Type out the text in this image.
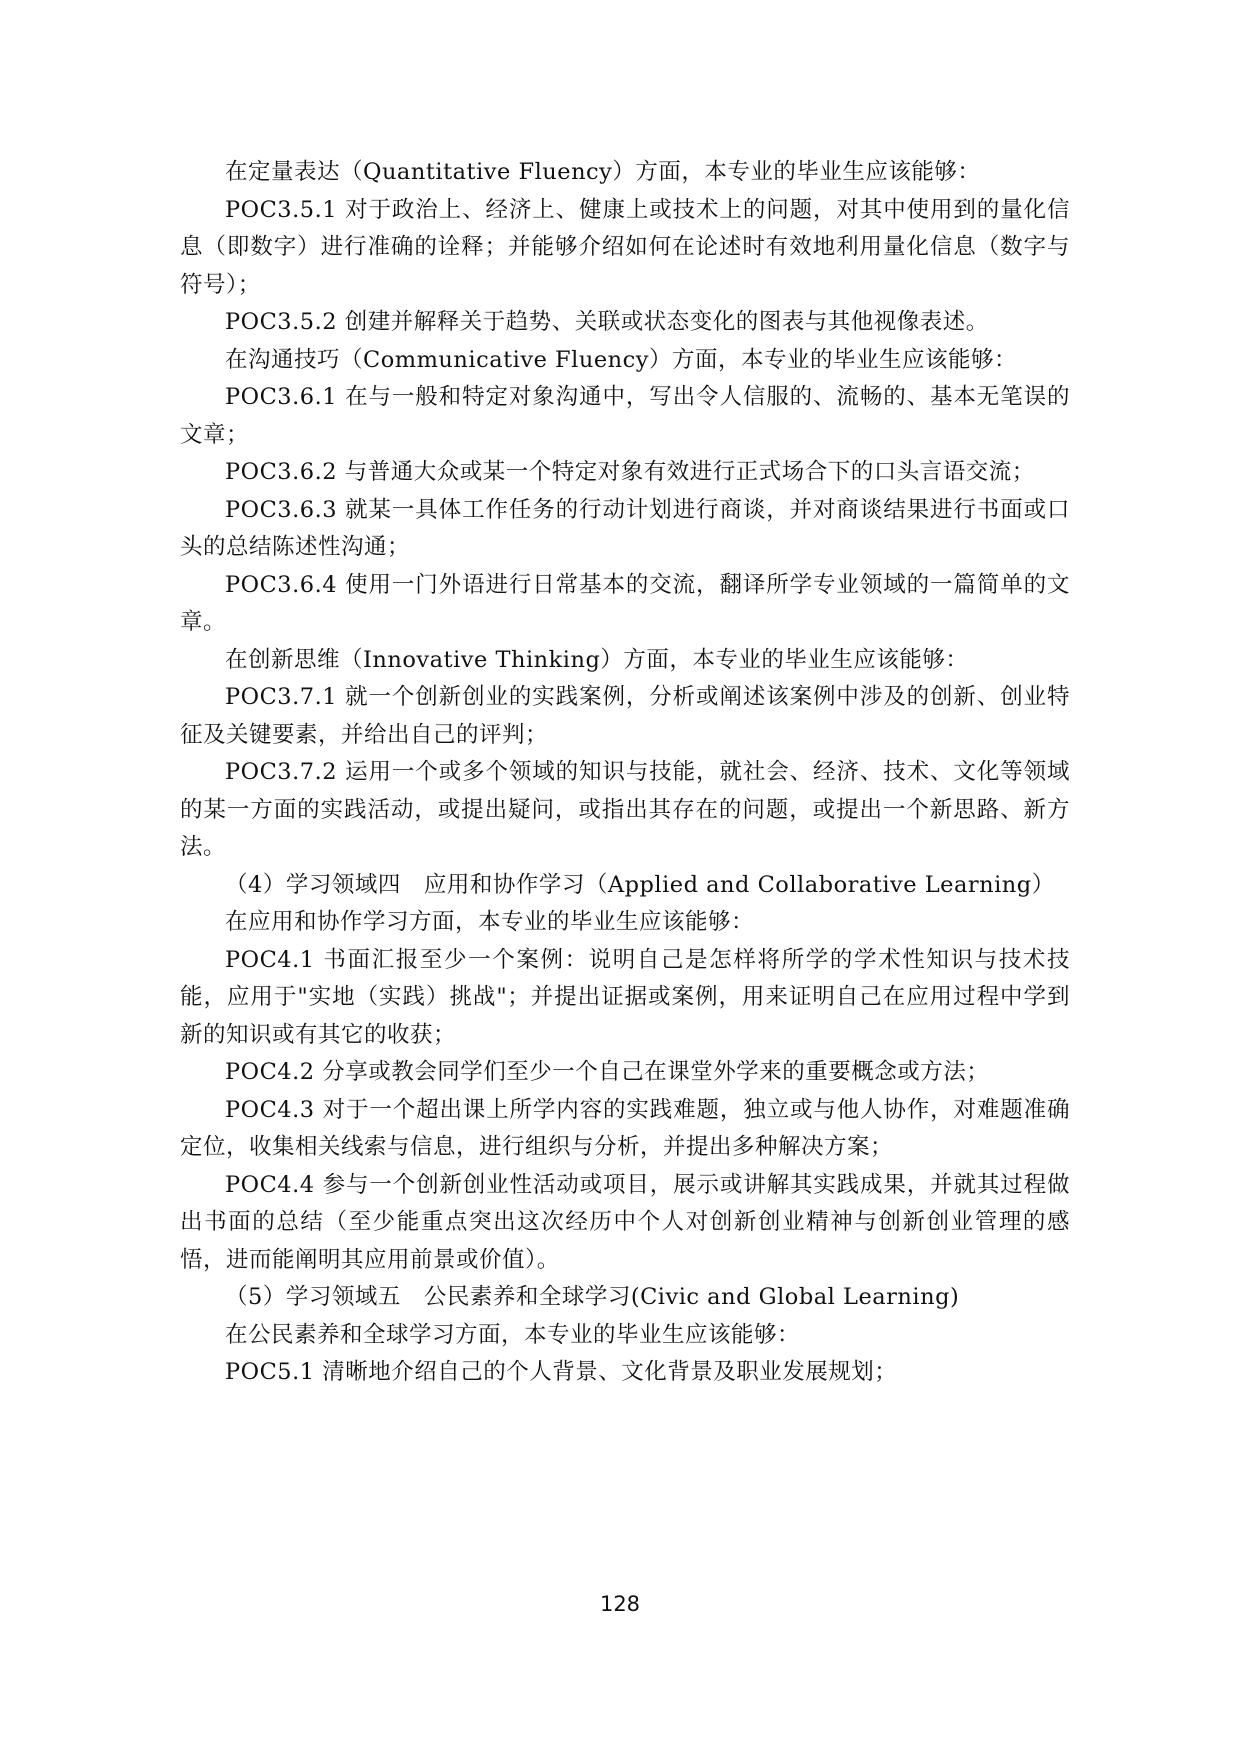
在定量表达（Quantitative Fluency）方面，本专业的毕业生应该能够：

POC3.5.1 对于政治上、经济上、健康上或技术上的问题，对其中使用到的量化信息（即数字）进行准确的诠释；并能够介绍如何在论述时有效地利用量化信息（数字与符号）；

POC3.5.2 创建并解释关于趋势、关联或状态变化的图表与其他视像表述。

在沟通技巧（Communicative Fluency）方面，本专业的毕业生应该能够：

POC3.6.1 在与一般和特定对象沟通中，写出令人信服的、流畅的、基本无笔误的文章；

POC3.6.2 与普通大众或某一个特定对象有效进行正式场合下的口头言语交流；

POC3.6.3 就某一具体工作任务的行动计划进行商谈，并对商谈结果进行书面或口头的总结陈述性沟通；

POC3.6.4 使用一门外语进行日常基本的交流，翻译所学专业领域的一篇简单的文章。

在创新思维（Innovative Thinking）方面，本专业的毕业生应该能够：

POC3.7.1 就一个创新创业的实践案例，分析或阐述该案例中涉及的创新、创业特征及关键要素，并给出自己的评判；

POC3.7.2 运用一个或多个领域的知识与技能，就社会、经济、技术、文化等领域的某一方面的实践活动，或提出疑问，或指出其存在的问题，或提出一个新思路、新方法。

（4）学习领域四　应用和协作学习（Applied and Collaborative Learning）

在应用和协作学习方面，本专业的毕业生应该能够：

POC4.1 书面汇报至少一个案例：说明自己是怎样将所学的学术性知识与技术技能，应用于"实地（实践）挑战"；并提出证据或案例，用来证明自己在应用过程中学到新的知识或有其它的收获；

POC4.2 分享或教会同学们至少一个自己在课堂外学来的重要概念或方法；

POC4.3 对于一个超出课上所学内容的实践难题，独立或与他人协作，对难题准确定位，收集相关线索与信息，进行组织与分析，并提出多种解决方案；

POC4.4 参与一个创新创业性活动或项目，展示或讲解其实践成果，并就其过程做出书面的总结（至少能重点突出这次经历中个人对创新创业精神与创新创业管理的感悟，进而能阐明其应用前景或价值）。

（5）学习领域五　公民素养和全球学习(Civic and Global Learning)

在公民素养和全球学习方面，本专业的毕业生应该能够：

POC5.1 清晰地介绍自己的个人背景、文化背景及职业发展规划；

128
